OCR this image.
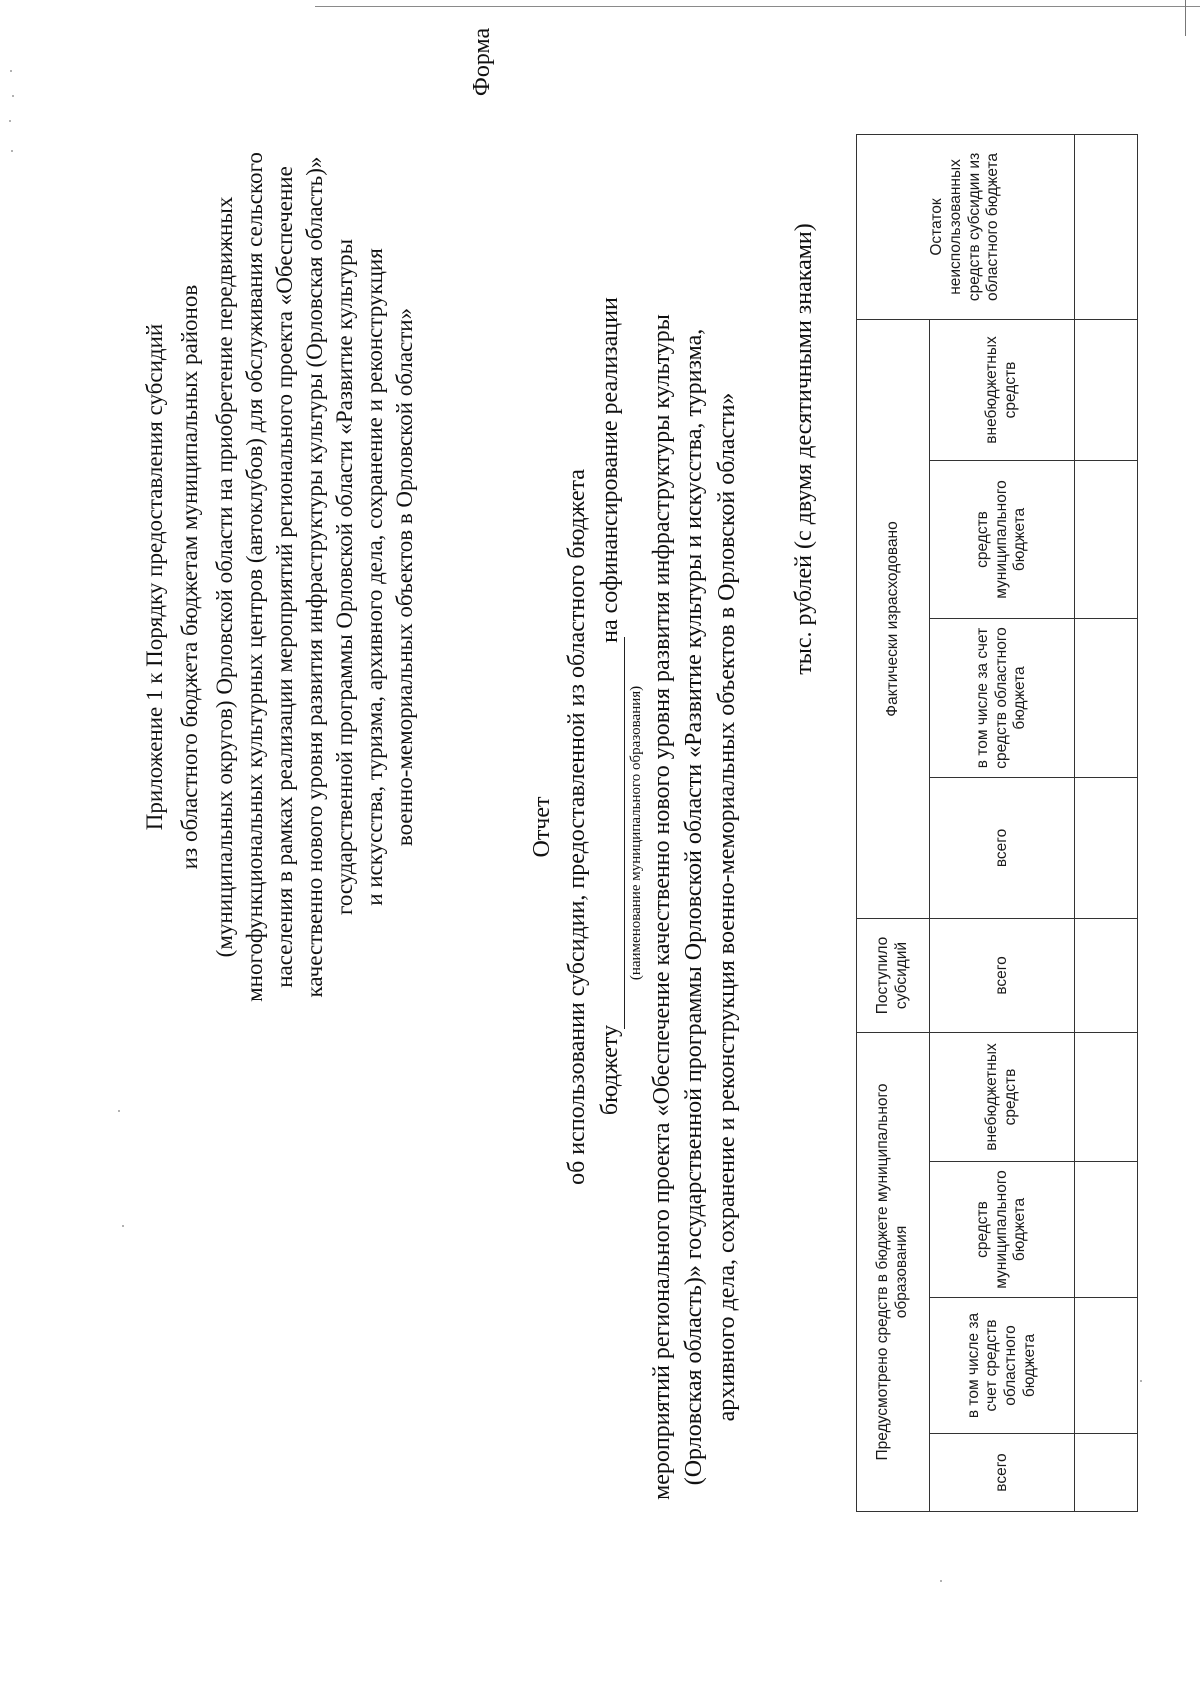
Приложение 1 к Порядку предоставления субсидий из областного бюджета бюджетам муниципальных районов (муниципальных округов) Орловской области на приобретение передвижных многофункциональных культурных центров (автоклубов) для обслуживания сельского населения в рамках реализации мероприятий регионального проекта «Обеспечение качественно нового уровня развития инфраструктуры культуры (Орловская область)» государственной программы Орловской области «Развитие культуры и искусства, туризма, архивного дела, сохранение и реконструкция военно-мемориальных объектов в Орловской области»
Форма
Отчет об использовании субсидии, предоставленной из областного бюджета бюджету
(наименование муниципального образования)
на софинансирование реализации мероприятий регионального проекта «Обеспечение качественно нового уровня развития инфраструктуры культуры (Орловская область)» государственной программы Орловской области «Развитие культуры и искусства, туризма, архивного дела, сохранение и реконструкция военно-мемориальных объектов в Орловской области» тыс. рублей (с двумя десятичными знаками)
Предусмотрено средств в бюджете муниципального образования				Поступило субсидий	Фактически израсходовано				Остаток неиспользованных средств субсидии из областного бюджета
всего	в том числе за счет средств областного бюджета	средств муниципального бюджета	внебюджетных средств	всего	всего	в том числе за счет средств областного бюджета	средств муниципального бюджета	внебюджетных средств	
